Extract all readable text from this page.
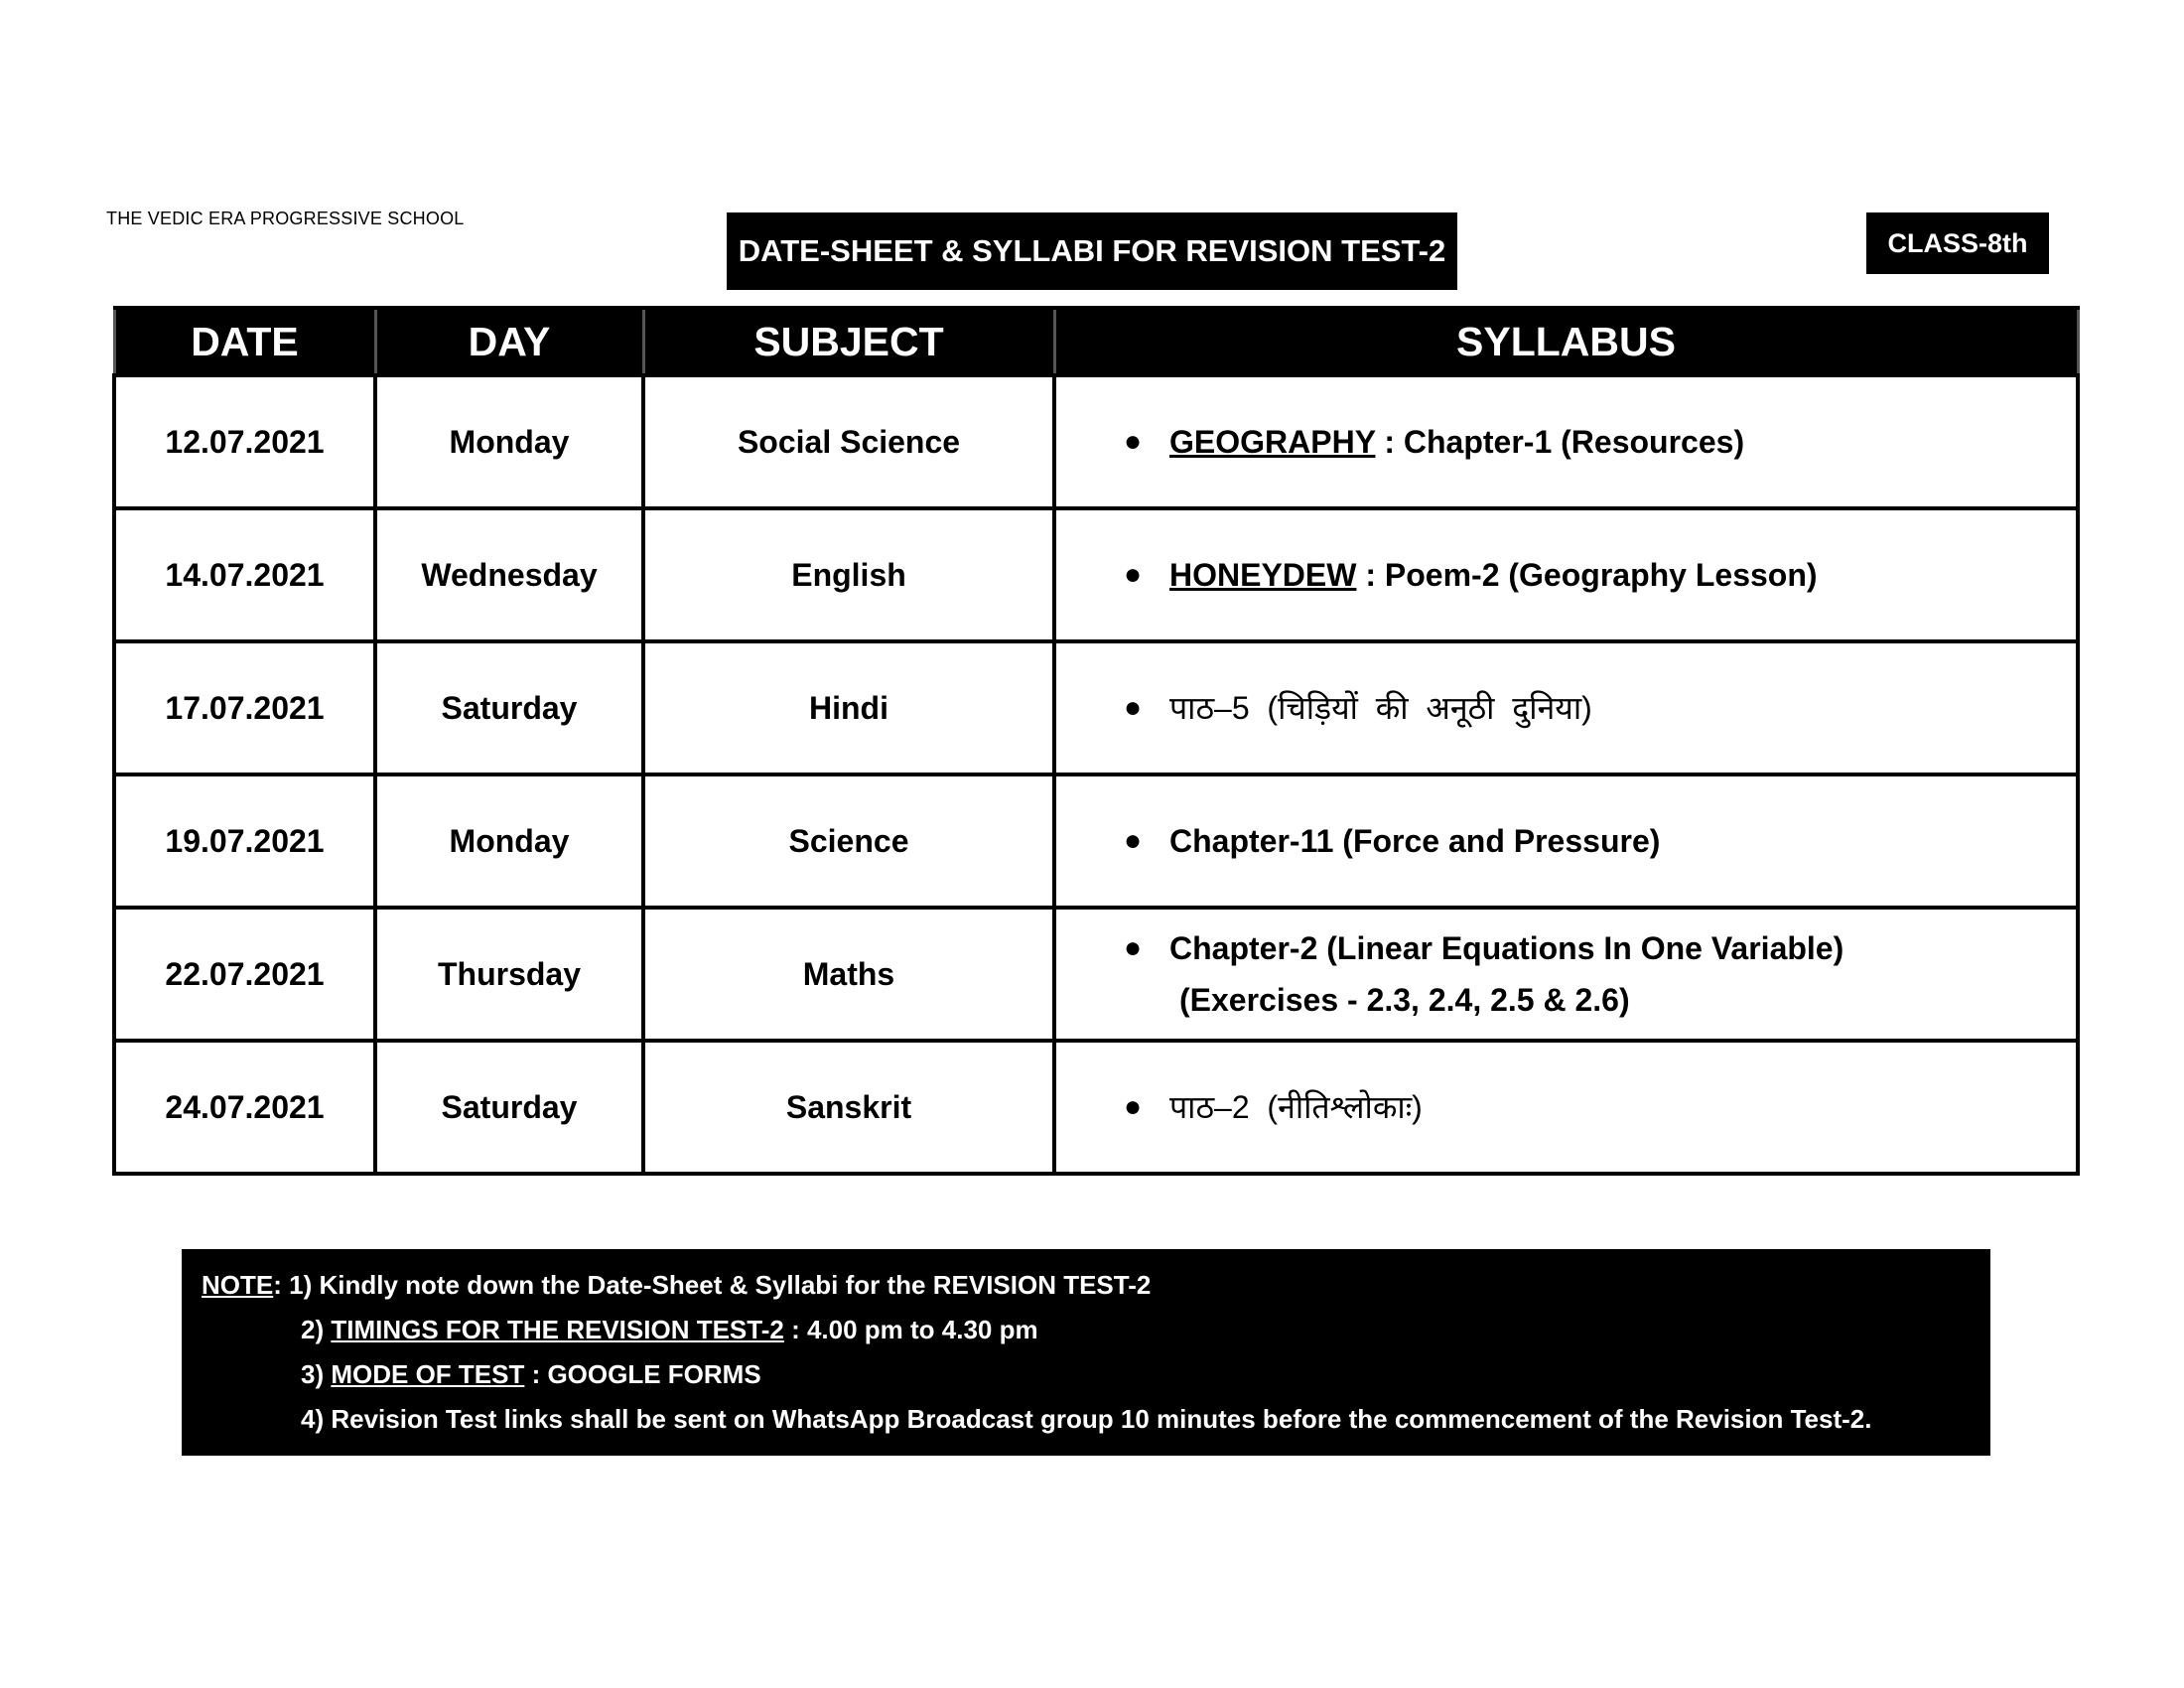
THE VEDIC ERA PROGRESSIVE SCHOOL
DATE-SHEET & SYLLABI FOR REVISION TEST-2	CLASS-8th
DATE	DAY	SUBJECT	SYLLABUS
12.07.2021	Monday	Social Science	● GEOGRAPHY : Chapter-1 (Resources)

14.07.2021	Wednesday	English	● HONEYDEW : Poem-2 (Geography Lesson)

17.07.2021	Saturday	Hindi	● पाठ–5  (चिड़ियों  की  अनूठी  दुनिया)

19.07.2021	Monday	Science	● Chapter-11 (Force and Pressure)

22.07.2021	Thursday	Maths	● Chapter-2 (Linear Equations In One Variable)
(Exercises - 2.3, 2.4, 2.5 & 2.6)

24.07.2021	Saturday	Sanskrit	● पाठ–2  (नीतिश्लोकाः)
NOTE: 1) Kindly note down the Date-Sheet & Syllabi for the REVISION TEST-2
2) TIMINGS FOR THE REVISION TEST-2 : 4.00 pm to 4.30 pm
3) MODE OF TEST : GOOGLE FORMS
4) Revision Test links shall be sent on WhatsApp Broadcast group 10 minutes before the commencement of the Revision Test-2.
